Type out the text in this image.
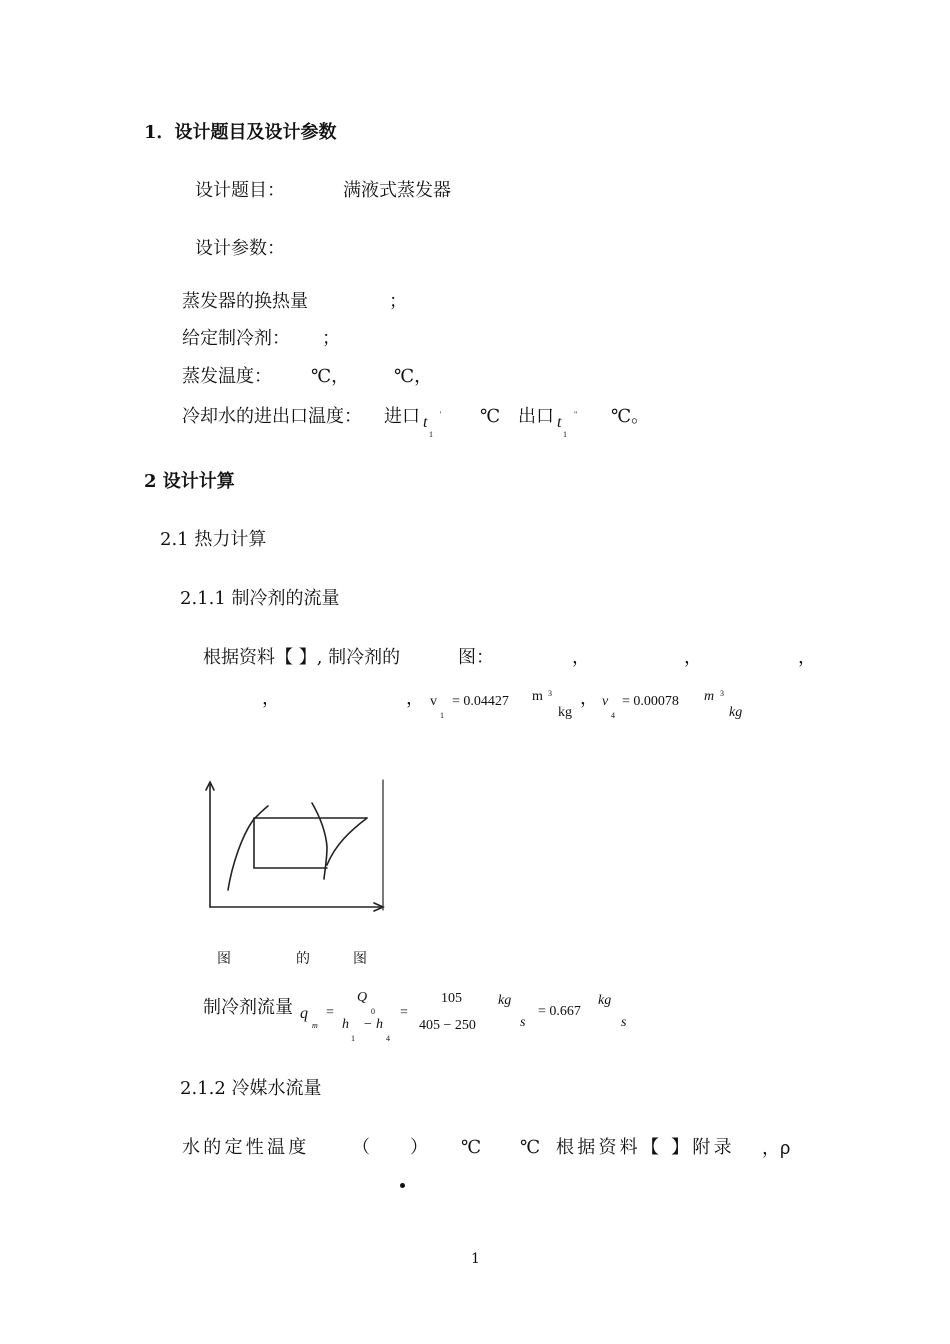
1．设计题目及设计参数
设计题目：	满液式蒸发器
设计参数：
蒸发器的换热量	；
给定制冷剂： ；
蒸发温度： ℃， ℃，
冷却水的进出口温度： 进口 t
1
' ℃ 出口 t
1
" ℃。
2 设计计算
2.1 热力计算
2.1.1 制冷剂的流量
根据资料【 】, 制冷剂的	图：	，	，	，
，	， v
1
= 0.04427 m 3
kg
， v
4
= 0.00078 m 3
kg
图	的	图
制冷剂流量 q
m
=
Q
0
h
1
− h
4
=
105
405 − 250
kg
s
= 0.667
kg
s
2.1.2 冷媒水流量
水的定性温度 （ ） ℃ ℃ 根据资料【 】附录 ，ρ
1
